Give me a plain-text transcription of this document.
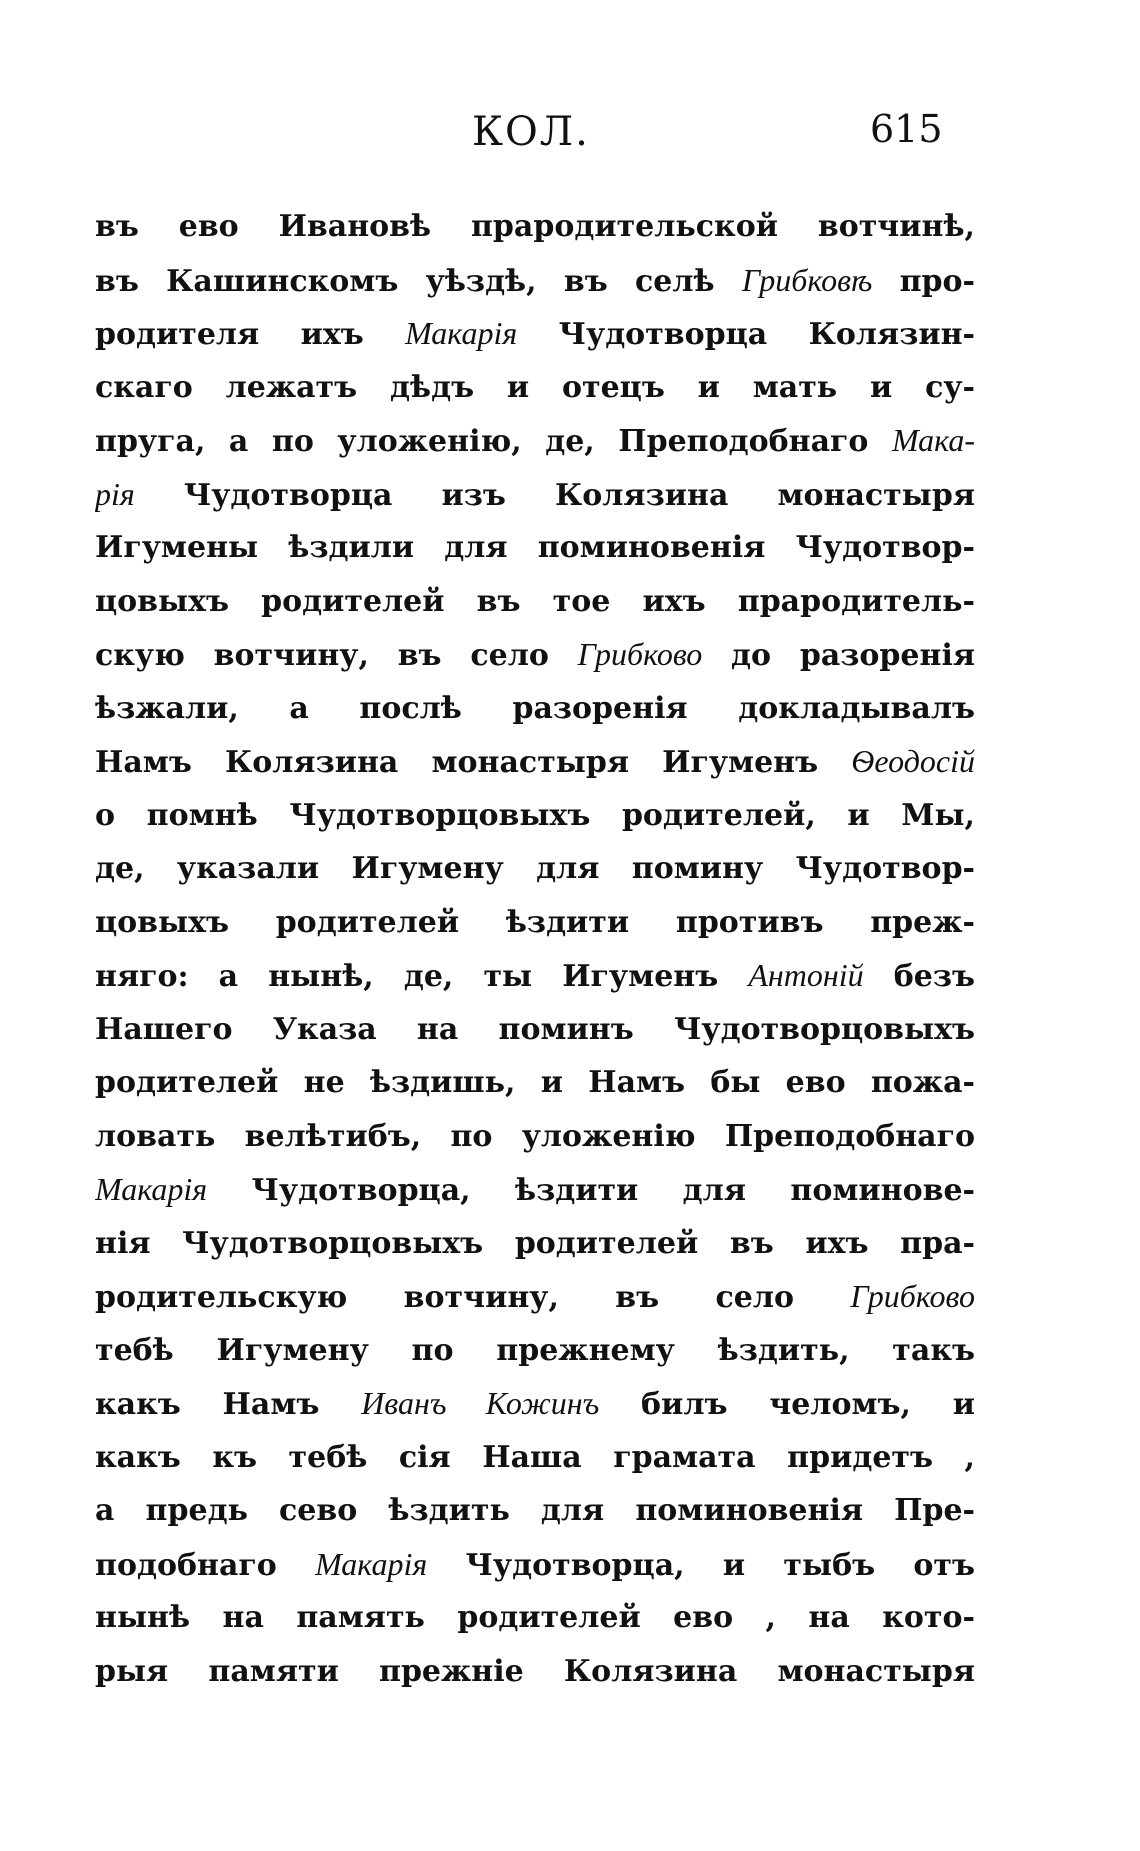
КОЛ.	615
въ ево Ивановѣ прародительской вотчинѣ,
въ Кашинскомъ уѣздѣ, въ селѣ Грибковѣ про-
родителя ихъ Макарія Чудотворца Колязин-
скаго лежатъ дѣдъ и отецъ и мать и су-
пруга, а по уложенію, де, Преподобнаго Мака-
рія Чудотворца изъ Колязина монастыря
Игумены ѣздили для поминовенія Чудотвор-
цовыхъ родителей въ тое ихъ прародитель-
скую вотчину, въ село Грибково до разоренія
ѣзжали, а послѣ разоренія докладывалъ
Намъ Колязина монастыря Игуменъ Ѳеодосій
о помнѣ Чудотворцовыхъ родителей, и Мы,
де, указали Игумену для помину Чудотвор-
цовыхъ родителей ѣздити противъ преж-
няго: а нынѣ, де, ты Игуменъ Антоній безъ
Нашего Указа на поминъ Чудотворцовыхъ
родителей не ѣздишь, и Намъ бы ево пожа-
ловать велѣтибъ, по уложенію Преподобнаго
Макарія Чудотворца, ѣздити для поминове-
нія Чудотворцовыхъ родителей въ ихъ пра-
родительскую вотчину, въ село Грибково
тебѣ Игумену по прежнему ѣздить, такъ
какъ Намъ Иванъ Кожинъ билъ челомъ, и
какъ къ тебѣ сія Наша грамата придетъ ,
а предь сево ѣздить для поминовенія Пре-
подобнаго Макарія Чудотворца, и тыбъ отъ
нынѣ на память родителей ево , на кото-
рыя памяти прежніе Колязина монастыря
